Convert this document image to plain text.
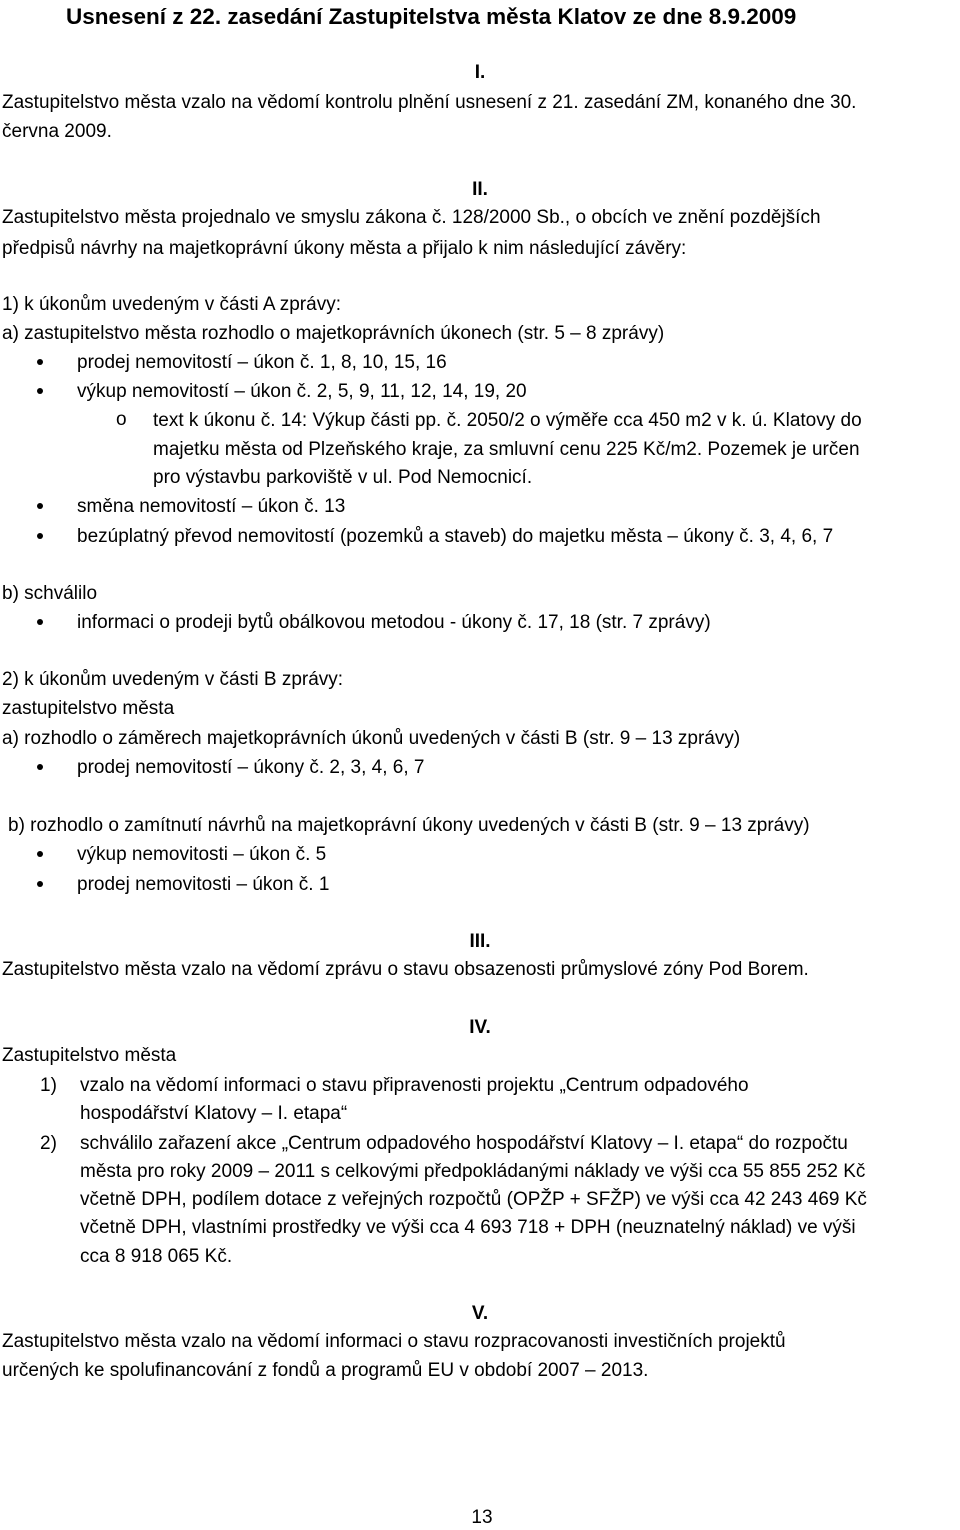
Usnesení z 22. zasedání Zastupitelstva města Klatov ze dne 8.9.2009
I.
Zastupitelstvo města vzalo na vědomí kontrolu plnění usnesení z 21. zasedání ZM, konaného dne 30.
června 2009.
II.
Zastupitelstvo města projednalo ve smyslu zákona č. 128/2000 Sb., o obcích ve znění pozdějších
předpisů návrhy na majetkoprávní úkony města a přijalo k nim následující závěry:
1) k úkonům uvedeným v části A zprávy:
a) zastupitelstvo města rozhodlo o majetkoprávních úkonech (str. 5 – 8 zprávy)
prodej nemovitostí – úkon č. 1, 8, 10, 15, 16
výkup nemovitostí – úkon č. 2, 5, 9, 11, 12, 14, 19, 20
o text k úkonu č. 14: Výkup části pp. č. 2050/2 o výměře cca 450 m2 v k. ú. Klatovy do
majetku města od Plzeňského kraje, za smluvní cenu 225 Kč/m2. Pozemek je určen
pro výstavbu parkoviště v ul. Pod Nemocnicí.
směna nemovitostí – úkon č. 13
bezúplatný převod nemovitostí (pozemků a staveb) do majetku města – úkony č. 3, 4, 6, 7
b) schválilo
informaci o prodeji bytů obálkovou metodou - úkony č. 17, 18 (str. 7 zprávy)
2) k úkonům uvedeným v části B zprávy:
zastupitelstvo města
a) rozhodlo o záměrech majetkoprávních úkonů uvedených v části B (str. 9 – 13 zprávy)
prodej nemovitostí – úkony č. 2, 3, 4, 6, 7
b) rozhodlo o zamítnutí návrhů na majetkoprávní úkony uvedených v části B (str. 9 – 13 zprávy)
výkup nemovitosti – úkon č. 5
prodej nemovitosti – úkon č. 1
III.
Zastupitelstvo města vzalo na vědomí zprávu o stavu obsazenosti průmyslové zóny Pod Borem.
IV.
Zastupitelstvo města
1) vzalo na vědomí informaci o stavu připravenosti projektu „Centrum odpadového
hospodářství Klatovy – I. etapa“
2) schválilo zařazení akce „Centrum odpadového hospodářství Klatovy – I. etapa“ do rozpočtu
města pro roky 2009 – 2011 s celkovými předpokládanými náklady ve výši cca 55 855 252 Kč
včetně DPH, podílem dotace z veřejných rozpočtů (OPŽP + SFŽP) ve výši cca 42 243 469 Kč
včetně DPH, vlastními prostředky ve výši cca 4 693 718 + DPH (neuznatelný náklad) ve výši
cca 8 918 065 Kč.
V.
Zastupitelstvo města vzalo na vědomí informaci o stavu rozpracovanosti investičních projektů
určených ke spolufinancování z fondů a programů EU v období 2007 – 2013.
13
